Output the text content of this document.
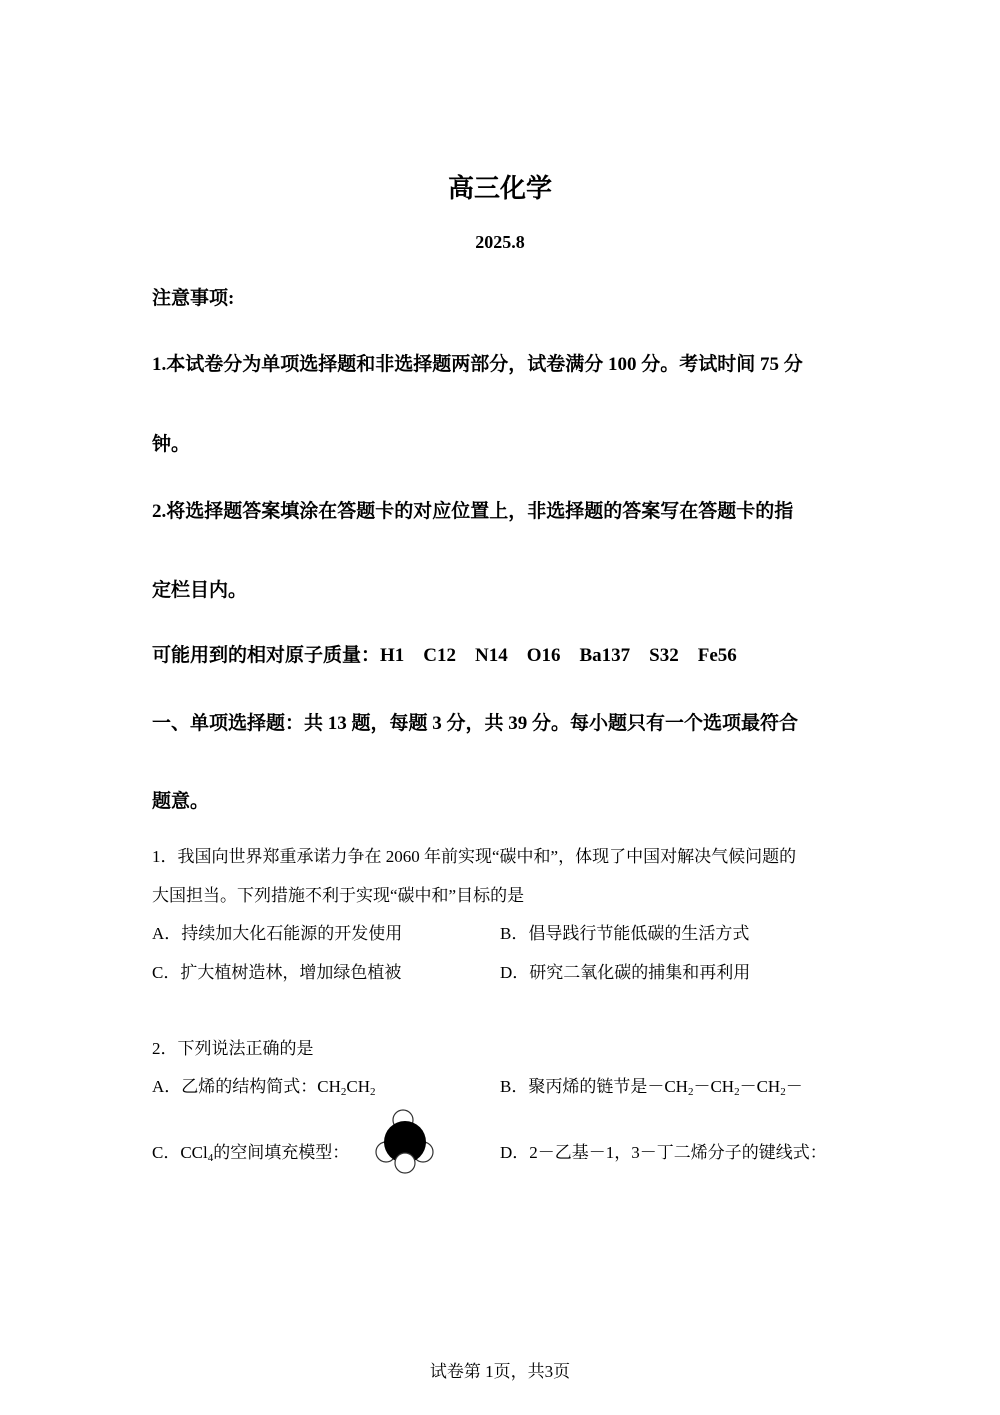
高三化学
2025.8
注意事项:
1.本试卷分为单项选择题和非选择题两部分，试卷满分 100 分。考试时间 75 分
钟。
2.将选择题答案填涂在答题卡的对应位置上，非选择题的答案写在答题卡的指
定栏目内。
可能用到的相对原子质量：H1　C12　N14　O16　Ba137　S32　Fe56
一、单项选择题：共 13 题，每题 3 分，共 39 分。每小题只有一个选项最符合
题意。
1．我国向世界郑重承诺力争在 2060 年前实现“碳中和”，体现了中国对解决气候问题的
大国担当。下列措施不利于实现“碳中和”目标的是
A．持续加大化石能源的开发使用	B．倡导践行节能低碳的生活方式
C．扩大植树造林，增加绿色植被	D．研究二氧化碳的捕集和再利用
2．下列说法正确的是
A．乙烯的结构简式：$CH_2CH_2$	B．聚丙烯的链节是$-CH_2-CH_2-CH_2-$
C．CCl$_4$的空间填充模型：	D．2－乙基－1，3－丁二烯分子的键线式：
试卷第 1页，共3页
